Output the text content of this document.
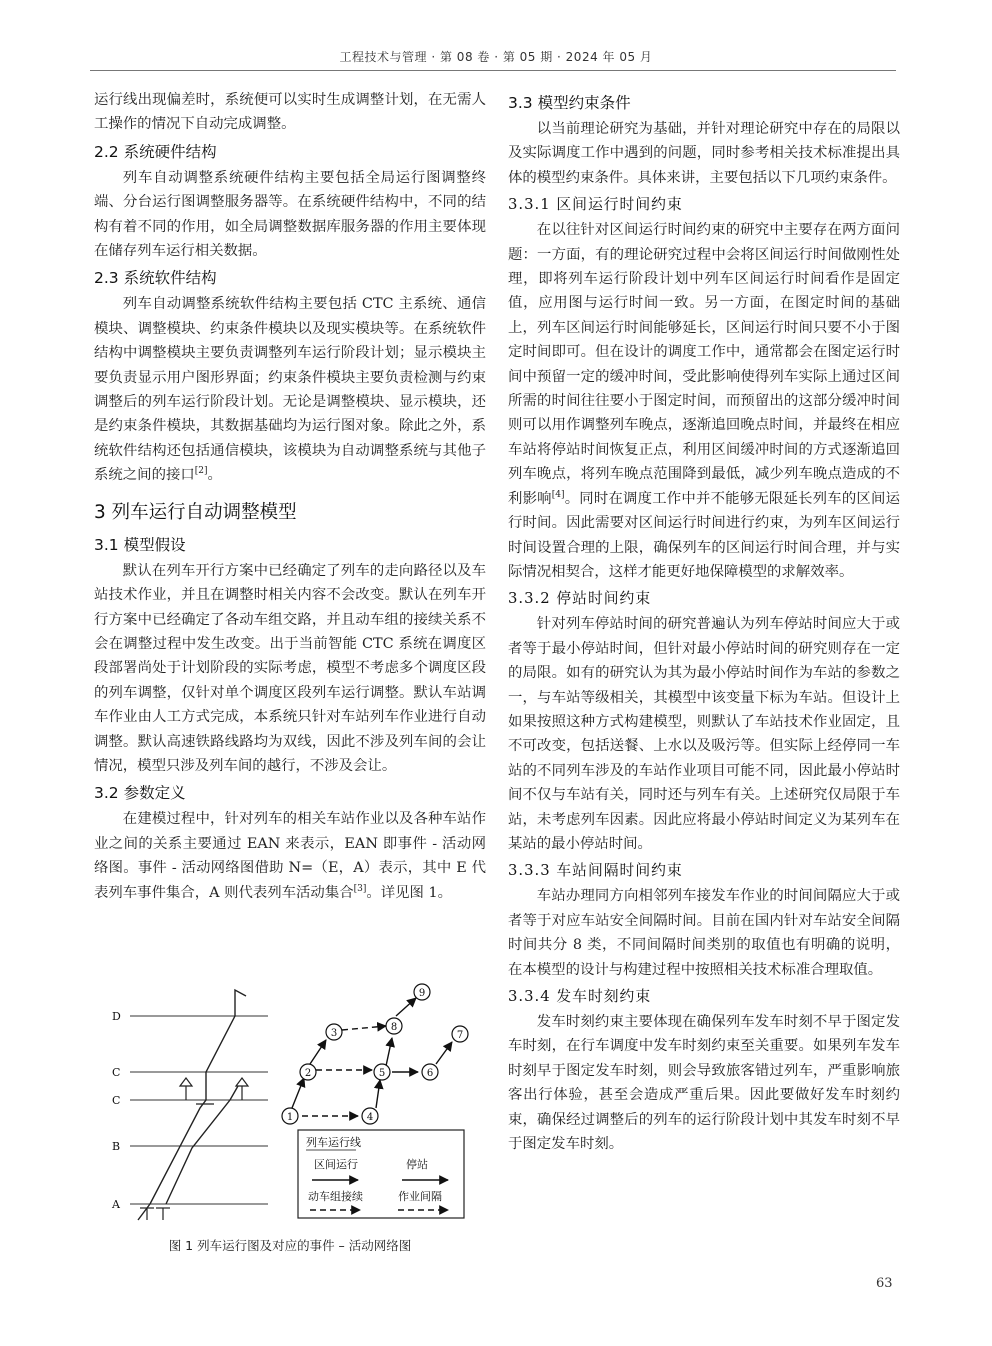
工程技术与管理 · 第 08 卷 · 第 05 期 · 2024 年 05 月

运行线出现偏差时，系统便可以实时生成调整计划，在无需人工操作的情况下自动完成调整。

2.2 系统硬件结构

列车自动调整系统硬件结构主要包括全局运行图调整终端、分台运行图调整服务器等。在系统硬件结构中，不同的结构有着不同的作用，如全局调整数据库服务器的作用主要体现在储存列车运行相关数据。

2.3 系统软件结构

列车自动调整系统软件结构主要包括 CTC 主系统、通信模块、调整模块、约束条件模块以及现实模块等。在系统软件结构中调整模块主要负责调整列车运行阶段计划；显示模块主要负责显示用户图形界面；约束条件模块主要负责检测与约束调整后的列车运行阶段计划。无论是调整模块、显示模块，还是约束条件模块，其数据基础均为运行图对象。除此之外，系统软件结构还包括通信模块，该模块为自动调整系统与其他子系统之间的接口[2]。

3 列车运行自动调整模型
3.1 模型假设

默认在列车开行方案中已经确定了列车的走向路径以及车站技术作业，并且在调整时相关内容不会改变。默认在列车开行方案中已经确定了各动车组交路，并且动车组的接续关系不会在调整过程中发生改变。出于当前智能 CTC 系统在调度区段部署尚处于计划阶段的实际考虑，模型不考虑多个调度区段的列车调整，仅针对单个调度区段列车运行调整。默认车站调车作业由人工方式完成，本系统只针对车站列车作业进行自动调整。默认高速铁路线路均为双线，因此不涉及列车间的会让情况，模型只涉及列车间的越行，不涉及会让。

3.2 参数定义

在建模过程中，针对列车的相关车站作业以及各种车站作业之间的关系主要通过 EAN 来表示，EAN 即事件 - 活动网络图。事件 - 活动网络图借助 N=（E，A）表示，其中 E 代表列车事件集合，A 则代表列车活动集合[3]。详见图 1。

D
C
C
B
A
1
2
3
4
5	6
7
8
9
列车运行线
区间运行	停站
动车组接续	作业间隔
图 1 列车运行图及对应的事件 – 活动网络图
3.3 模型约束条件

以当前理论研究为基础，并针对理论研究中存在的局限以及实际调度工作中遇到的问题，同时参考相关技术标准提出具体的模型约束条件。具体来讲，主要包括以下几项约束条件。

3.3.1 区间运行时间约束

在以往针对区间运行时间约束的研究中主要存在两方面问题：一方面，有的理论研究过程中会将区间运行时间做刚性处理，即将列车运行阶段计划中列车区间运行时间看作是固定值，应用图与运行时间一致。另一方面，在图定时间的基础上，列车区间运行时间能够延长，区间运行时间只要不小于图定时间即可。但在设计的调度工作中，通常都会在图定运行时间中预留一定的缓冲时间，受此影响使得列车实际上通过区间所需的时间往往要小于图定时间，而预留出的这部分缓冲时间则可以用作调整列车晚点，逐渐追回晚点时间，并最终在相应车站将停站时间恢复正点，利用区间缓冲时间的方式逐渐追回列车晚点，将列车晚点范围降到最低，减少列车晚点造成的不利影响[4]。同时在调度工作中并不能够无限延长列车的区间运行时间。因此需要对区间运行时间进行约束，为列车区间运行时间设置合理的上限，确保列车的区间运行时间合理，并与实际情况相契合，这样才能更好地保障模型的求解效率。

3.3.2 停站时间约束

针对列车停站时间的研究普遍认为列车停站时间应大于或者等于最小停站时间，但针对最小停站时间的研究则存在一定的局限。如有的研究认为其为最小停站时间作为车站的参数之一，与车站等级相关，其模型中该变量下标为车站。但设计上如果按照这种方式构建模型，则默认了车站技术作业固定，且不可改变，包括送餐、上水以及吸污等。但实际上经停同一车站的不同列车涉及的车站作业项目可能不同，因此最小停站时间不仅与车站有关，同时还与列车有关。上述研究仅局限于车站，未考虑列车因素。因此应将最小停站时间定义为某列车在某站的最小停站时间。

3.3.3 车站间隔时间约束

车站办理同方向相邻列车接发车作业的时间间隔应大于或者等于对应车站安全间隔时间。目前在国内针对车站安全间隔时间共分 8 类，不同间隔时间类别的取值也有明确的说明，在本模型的设计与构建过程中按照相关技术标准合理取值。

3.3.4 发车时刻约束

发车时刻约束主要体现在确保列车发车时刻不早于图定发车时刻，在行车调度中发车时刻约束至关重要。如果列车发车时刻早于图定发车时刻，则会导致旅客错过列车，严重影响旅客出行体验，甚至会造成严重后果。因此要做好发车时刻约束，确保经过调整后的列车的运行阶段计划中其发车时刻不早于图定发车时刻。

63
